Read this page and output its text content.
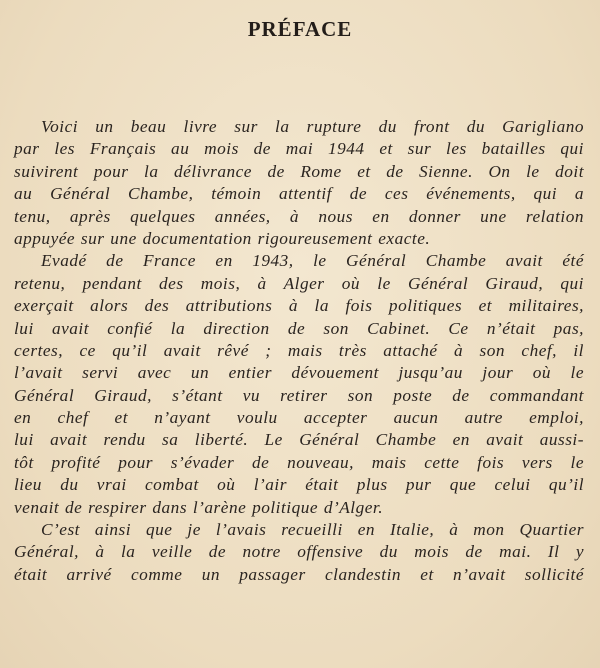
PRÉFACE
Voici un beau livre sur la rupture du front du Garigliano
par les Français au mois de mai 1944 et sur les batailles qui
suivirent pour la délivrance de Rome et de Sienne. On le doit
au Général Chambe, témoin attentif de ces événements, qui a
tenu, après quelques années, à nous en donner une relation
appuyée sur une documentation rigoureusement exacte.
Evadé de France en 1943, le Général Chambe avait été
retenu, pendant des mois, à Alger où le Général Giraud, qui
exerçait alors des attributions à la fois politiques et militaires,
lui avait confié la direction de son Cabinet. Ce n’était pas,
certes, ce qu’il avait rêvé ; mais très attaché à son chef, il
l’avait servi avec un entier dévouement jusqu’au jour où le
Général Giraud, s’étant vu retirer son poste de commandant
en chef et n’ayant voulu accepter aucun autre emploi,
lui avait rendu sa liberté. Le Général Chambe en avait aussi-
tôt profité pour s’évader de nouveau, mais cette fois vers le
lieu du vrai combat où l’air était plus pur que celui qu’il
venait de respirer dans l’arène politique d’Alger.
C’est ainsi que je l’avais recueilli en Italie, à mon Quartier
Général, à la veille de notre offensive du mois de mai. Il y
était arrivé comme un passager clandestin et n’avait sollicité
